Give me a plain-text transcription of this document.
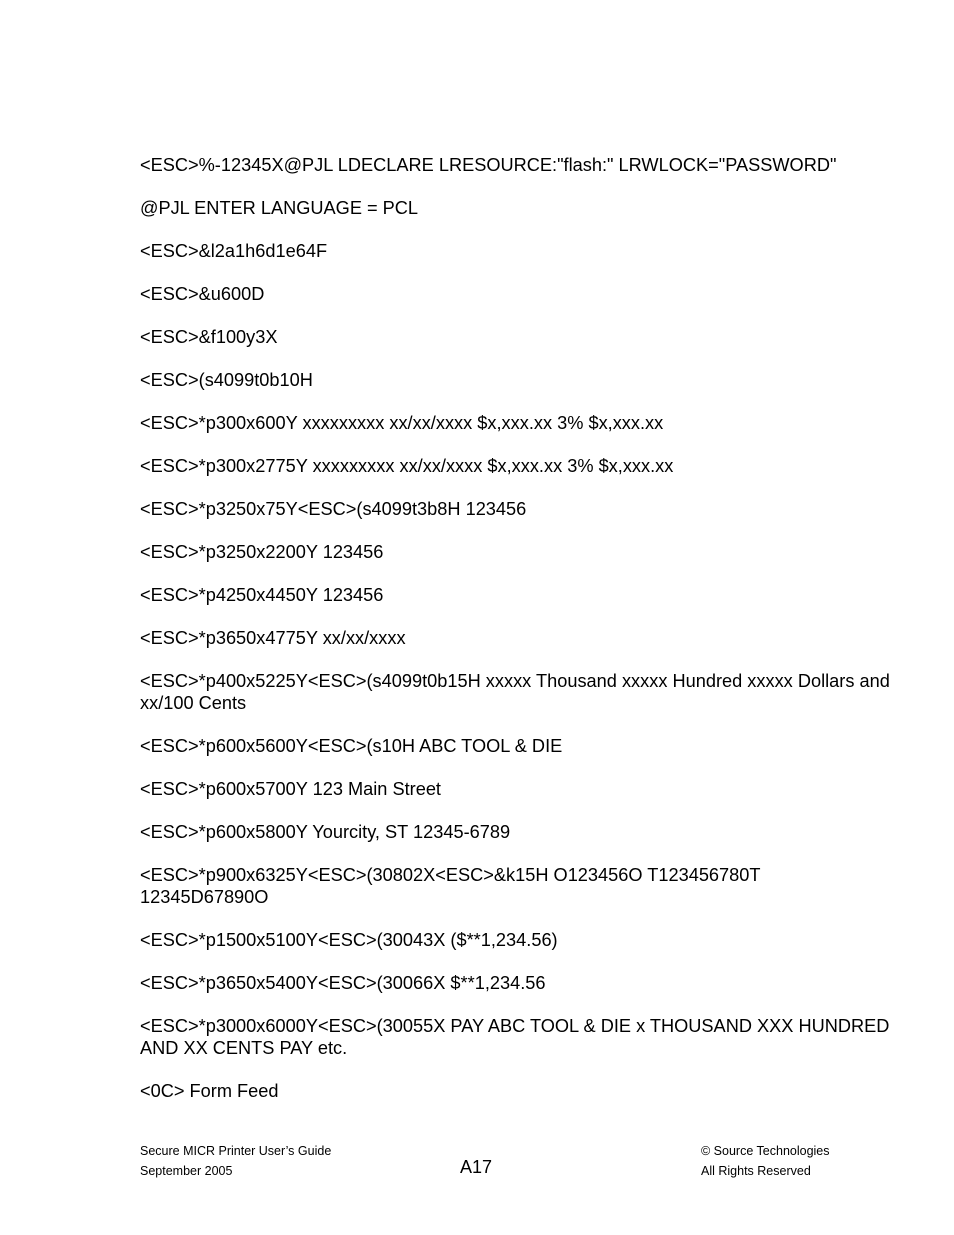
<ESC>%-12345X@PJL LDECLARE LRESOURCE:"flash:" LRWLOCK="PASSWORD"

@PJL ENTER LANGUAGE = PCL

<ESC>&l2a1h6d1e64F

<ESC>&u600D

<ESC>&f100y3X

<ESC>(s4099t0b10H

<ESC>*p300x600Y xxxxxxxxx xx/xx/xxxx $x,xxx.xx 3% $x,xxx.xx

<ESC>*p300x2775Y xxxxxxxxx xx/xx/xxxx $x,xxx.xx 3% $x,xxx.xx

<ESC>*p3250x75Y<ESC>(s4099t3b8H 123456

<ESC>*p3250x2200Y 123456

<ESC>*p4250x4450Y 123456

<ESC>*p3650x4775Y xx/xx/xxxx

<ESC>*p400x5225Y<ESC>(s4099t0b15H xxxxx Thousand xxxxx Hundred xxxxx Dollars and xx/100 Cents

<ESC>*p600x5600Y<ESC>(s10H ABC TOOL & DIE

<ESC>*p600x5700Y 123 Main Street

<ESC>*p600x5800Y Yourcity, ST 12345-6789

<ESC>*p900x6325Y<ESC>(30802X<ESC>&k15H O123456O T123456780T 12345D67890O

<ESC>*p1500x5100Y<ESC>(30043X ($**1,234.56)

<ESC>*p3650x5400Y<ESC>(30066X $**1,234.56

<ESC>*p3000x6000Y<ESC>(30055X PAY ABC TOOL & DIE x THOUSAND XXX HUNDRED AND XX CENTS PAY etc.

<0C> Form Feed

Secure MICR Printer User’s Guide
September 2005	A17
© Source Technologies
All Rights Reserved
